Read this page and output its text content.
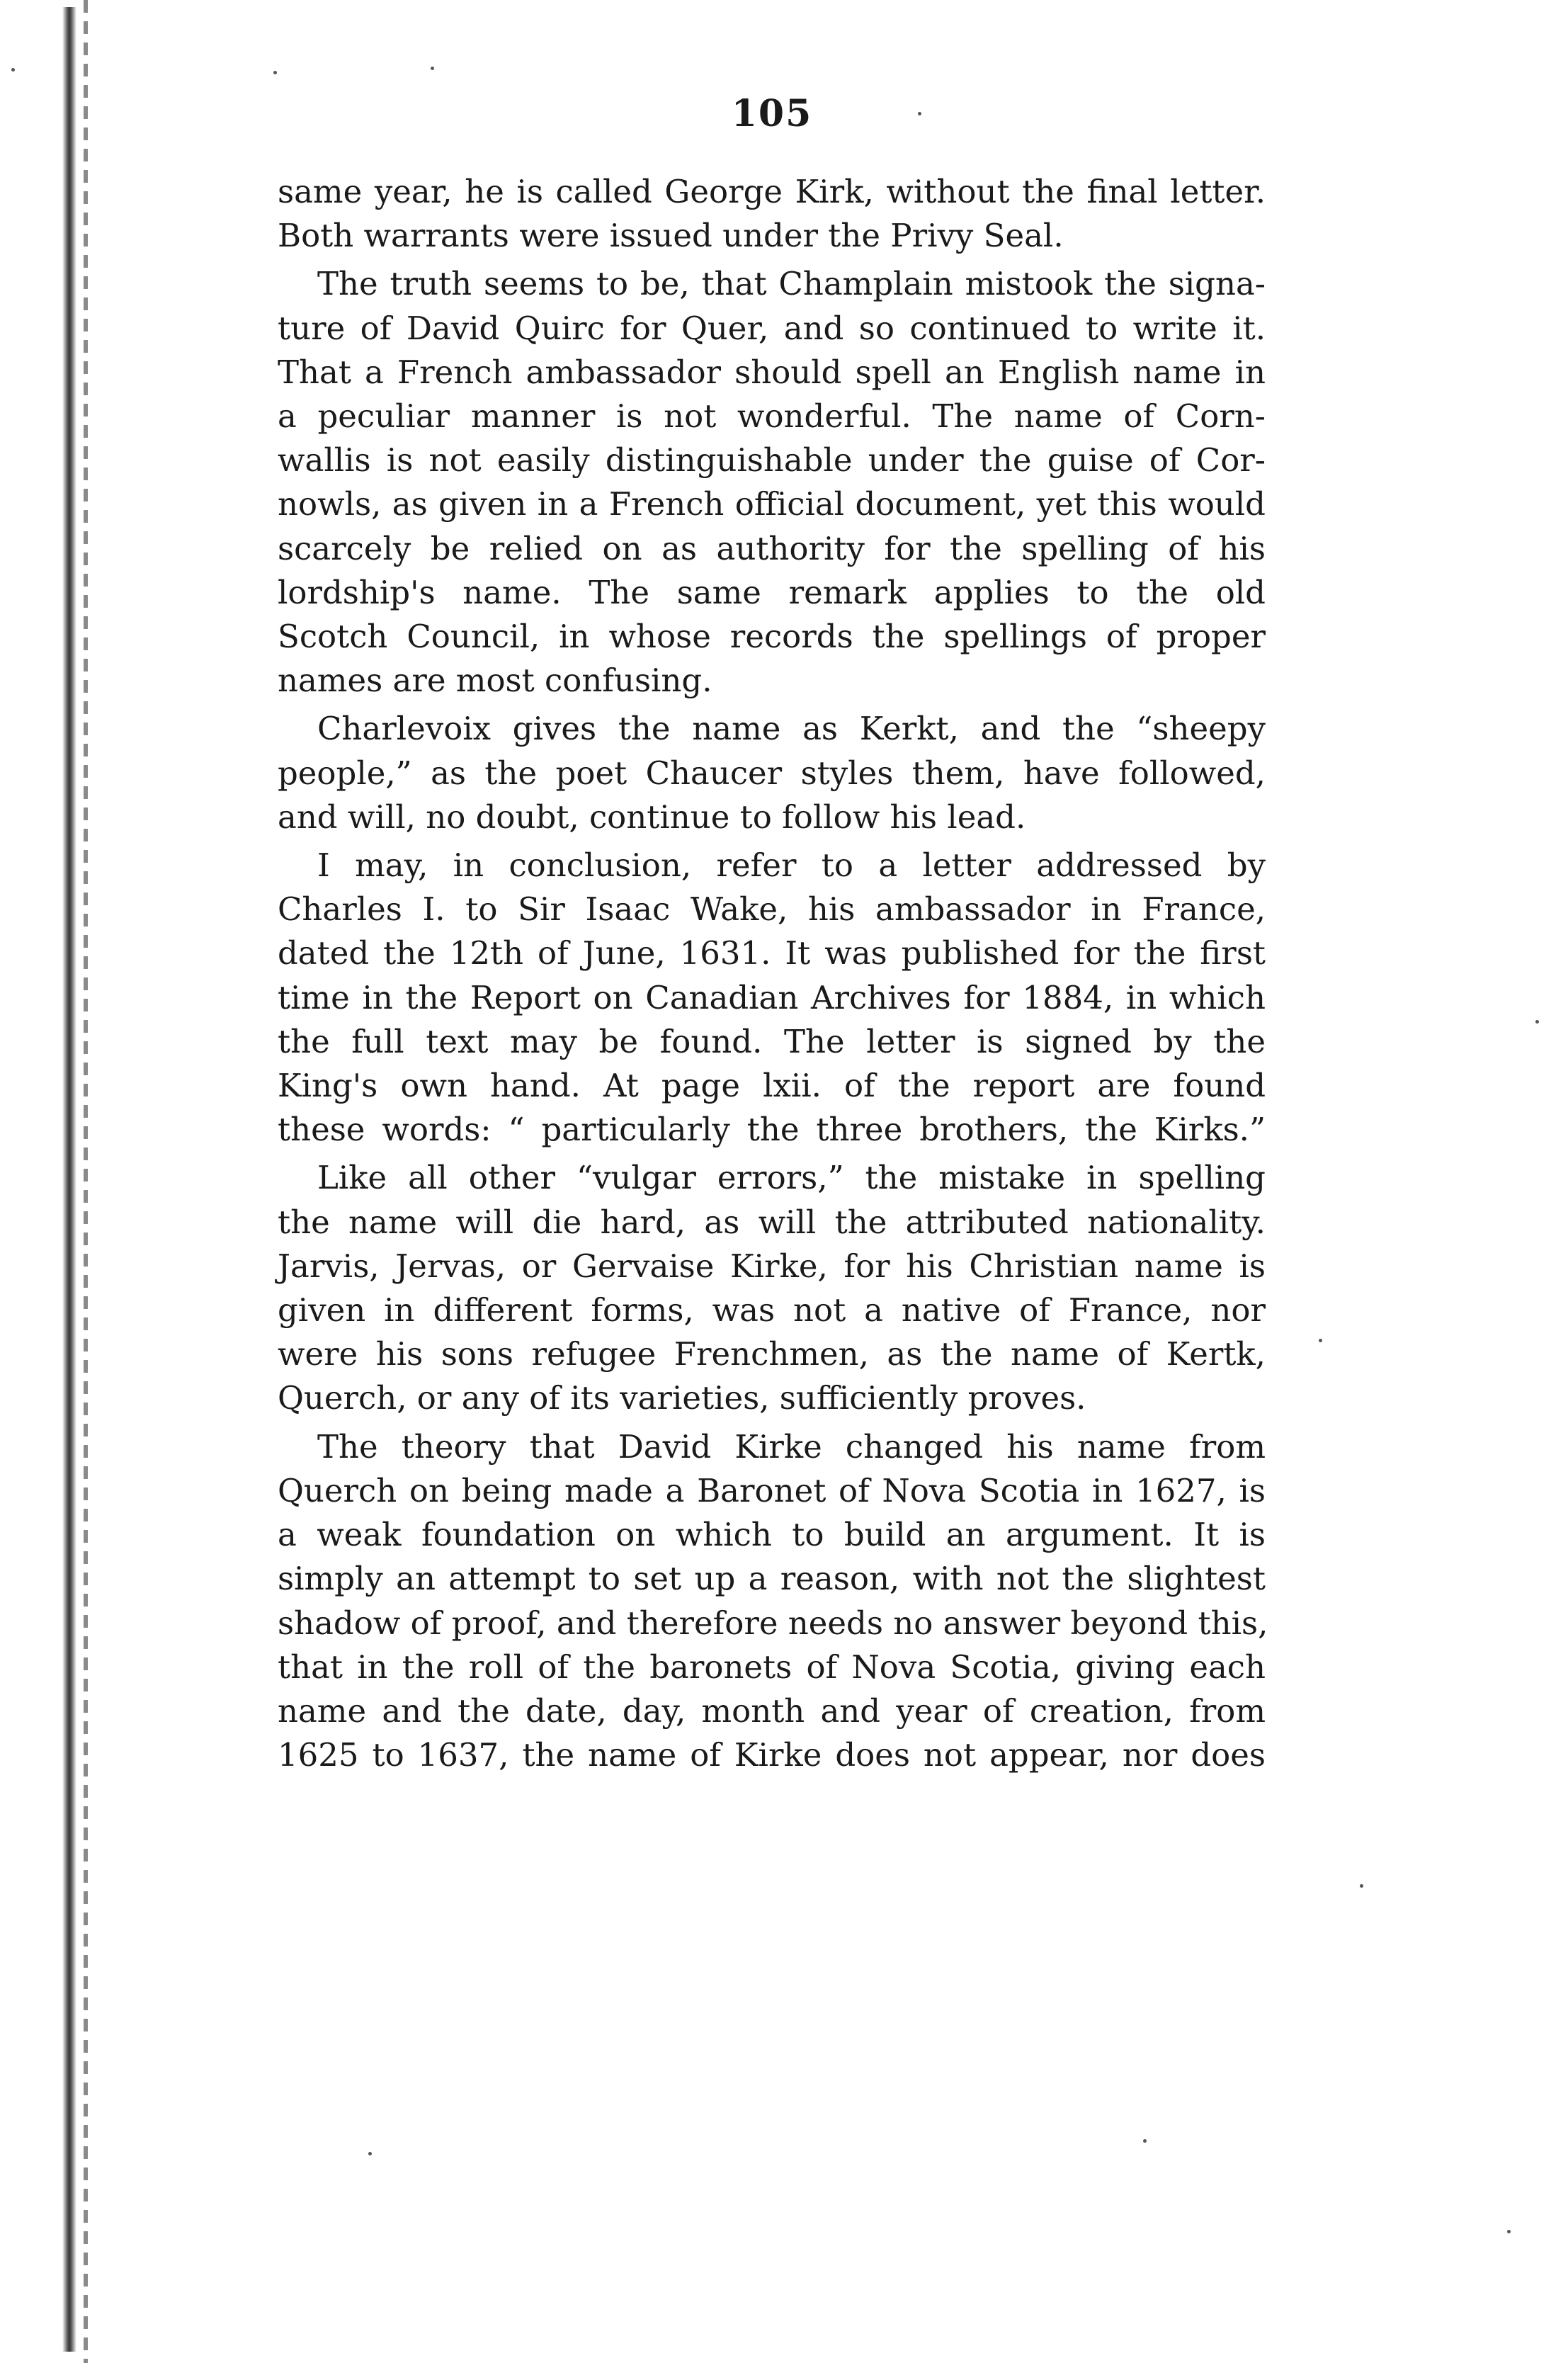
105
same year, he is called George Kirk, without the final letter.
Both warrants were issued under the Privy Seal.
The truth seems to be, that Champlain mistook the signa-
ture of David Quirc for Quer, and so continued to write it.
That a French ambassador should spell an English name in
a peculiar manner is not wonderful. The name of Corn-
wallis is not easily distinguishable under the guise of Cor-
nowls, as given in a French official document, yet this would
scarcely be relied on as authority for the spelling of his
lordship's name. The same remark applies to the old
Scotch Council, in whose records the spellings of proper
names are most confusing.
Charlevoix gives the name as Kerkt, and the “sheepy
people,” as the poet Chaucer styles them, have followed,
and will, no doubt, continue to follow his lead.
I may, in conclusion, refer to a letter addressed by
Charles I. to Sir Isaac Wake, his ambassador in France,
dated the 12th of June, 1631. It was published for the first
time in the Report on Canadian Archives for 1884, in which
the full text may be found. The letter is signed by the
King's own hand. At page lxii. of the report are found
these words: “ particularly the three brothers, the Kirks.”
Like all other “vulgar errors,” the mistake in spelling
the name will die hard, as will the attributed nationality.
Jarvis, Jervas, or Gervaise Kirke, for his Christian name is
given in different forms, was not a native of France, nor
were his sons refugee Frenchmen, as the name of Kertk,
Querch, or any of its varieties, sufficiently proves.
The theory that David Kirke changed his name from
Querch on being made a Baronet of Nova Scotia in 1627, is
a weak foundation on which to build an argument. It is
simply an attempt to set up a reason, with not the slightest
shadow of proof, and therefore needs no answer beyond this,
that in the roll of the baronets of Nova Scotia, giving each
name and the date, day, month and year of creation, from
1625 to 1637, the name of Kirke does not appear, nor does
